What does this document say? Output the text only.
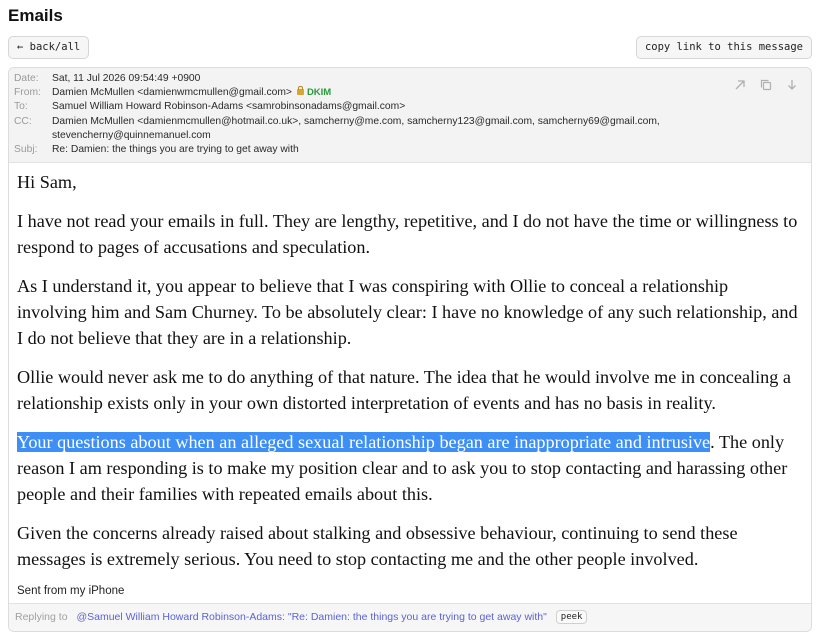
Emails
← back/all	copy link to this message
Date:	Sat, 11 Jul 2026 09:54:49 +0900
From:	Damien McMullen <damienwmcmullen@gmail.com> DKIM
To:	Samuel William Howard Robinson-Adams <samrobinsonadams@gmail.com>
CC:	Damien McMullen <damienmcmullen@hotmail.co.uk>, samcherny@me.com, samcherny123@gmail.com, samcherny69@gmail.com, stevencherny@quinnemanuel.com
Subj:	Re: Damien: the things you are trying to get away with

Hi Sam,

I have not read your emails in full. They are lengthy, repetitive, and I do not have the time or willingness to respond to pages of accusations and speculation.

As I understand it, you appear to believe that I was conspiring with Ollie to conceal a relationship involving him and Sam Churney. To be absolutely clear: I have no knowledge of any such relationship, and I do not believe that they are in a relationship.

Ollie would never ask me to do anything of that nature. The idea that he would involve me in concealing a relationship exists only in your own distorted interpretation of events and has no basis in reality.

Your questions about when an alleged sexual relationship began are inappropriate and intrusive. The only reason I am responding is to make my position clear and to ask you to stop contacting and harassing other people and their families with repeated emails about this.

Given the concerns already raised about stalking and obsessive behaviour, continuing to send these messages is extremely serious. You need to stop contacting me and the other people involved.

Sent from my iPhone
Replying to @Samuel William Howard Robinson-Adams: "Re: Damien: the things you are trying to get away with" peek
